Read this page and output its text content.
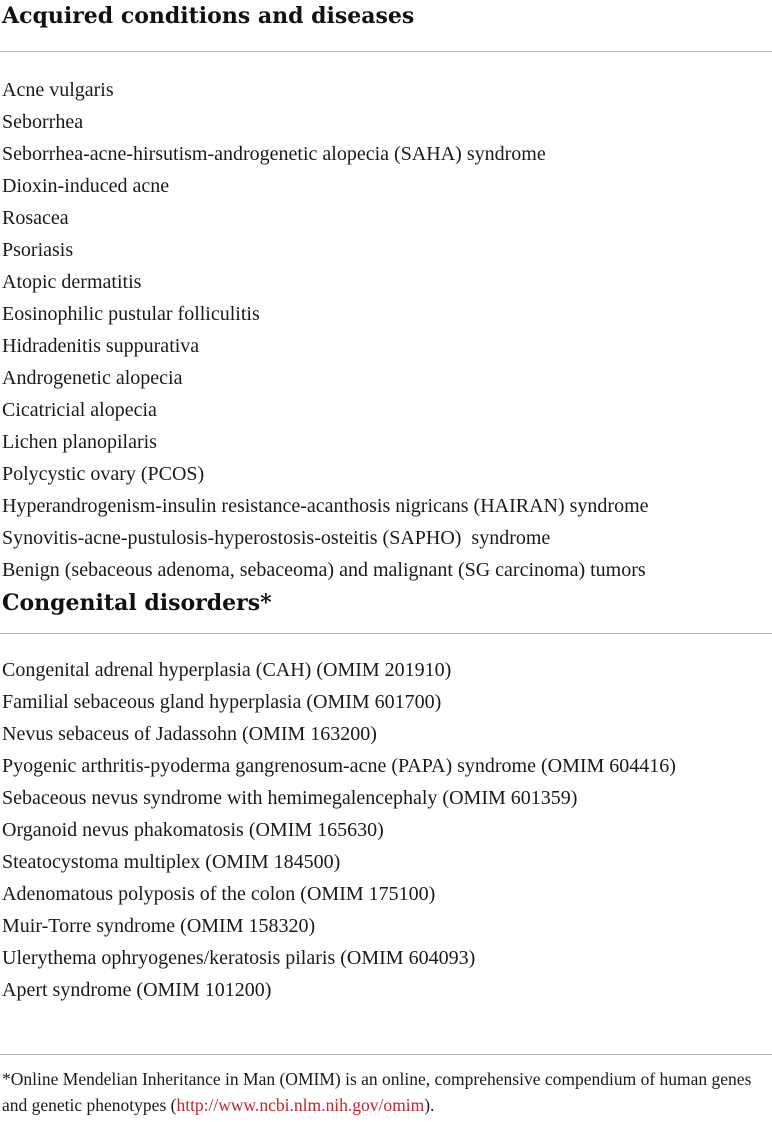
Acquired conditions and diseases
Acne vulgaris
Seborrhea
Seborrhea-acne-hirsutism-androgenetic alopecia (SAHA) syndrome
Dioxin-induced acne
Rosacea
Psoriasis
Atopic dermatitis
Eosinophilic pustular folliculitis
Hidradenitis suppurativa
Androgenetic alopecia
Cicatricial alopecia
Lichen planopilaris
Polycystic ovary (PCOS)
Hyperandrogenism-insulin resistance-acanthosis nigricans (HAIRAN) syndrome
Synovitis-acne-pustulosis-hyperostosis-osteitis (SAPHO)  syndrome
Benign (sebaceous adenoma, sebaceoma) and malignant (SG carcinoma) tumors
Congenital disorders*
Congenital adrenal hyperplasia (CAH) (OMIM 201910)
Familial sebaceous gland hyperplasia (OMIM 601700)
Nevus sebaceus of Jadassohn (OMIM 163200)
Pyogenic arthritis-pyoderma gangrenosum-acne (PAPA) syndrome (OMIM 604416)
Sebaceous nevus syndrome with hemimegalencephaly (OMIM 601359)
Organoid nevus phakomatosis (OMIM 165630)
Steatocystoma multiplex (OMIM 184500)
Adenomatous polyposis of the colon (OMIM 175100)
Muir-Torre syndrome (OMIM 158320)
Ulerythema ophryogenes/keratosis pilaris (OMIM 604093)
Apert syndrome (OMIM 101200)

*Online Mendelian Inheritance in Man (OMIM) is an online, comprehensive compendium of human genes and genetic phenotypes (http://www.ncbi.nlm.nih.gov/omim).
